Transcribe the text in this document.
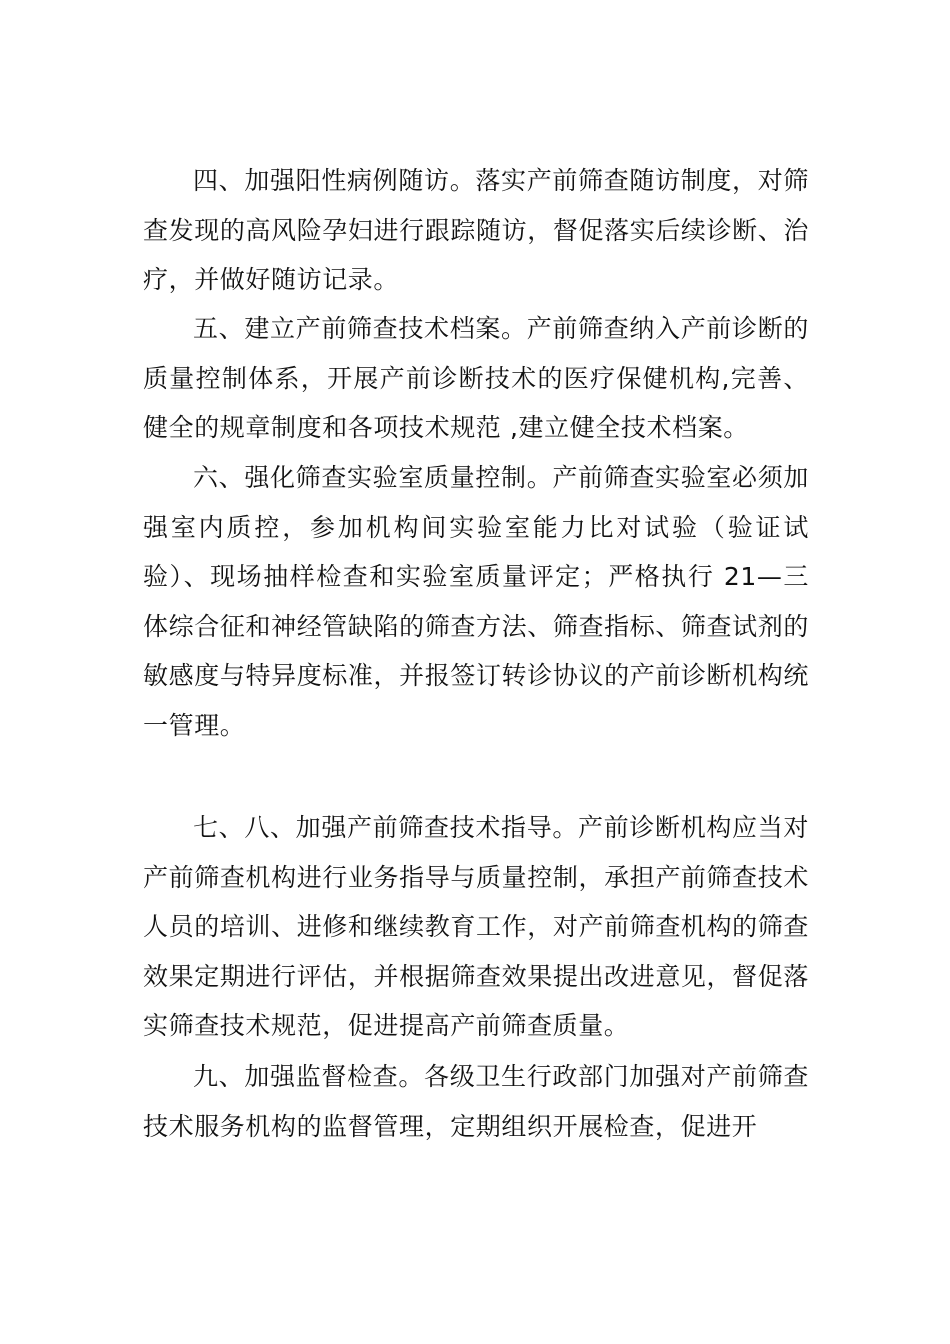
四、加强阳性病例随访。落实产前筛查随访制度，对筛查发现的高风险孕妇进行跟踪随访，督促落实后续诊断、治疗，并做好随访记录。

五、建立产前筛查技术档案。产前筛查纳入产前诊断的质量控制体系，开展产前诊断技术的医疗保健机构,完善、健全的规章制度和各项技术规范 ,建立健全技术档案。

六、强化筛查实验室质量控制。产前筛查实验室必须加强室内质控，参加机构间实验室能力比对试验（验证试验）、现场抽样检查和实验室质量评定；严格执行 21—三体综合征和神经管缺陷的筛查方法、筛查指标、筛查试剂的敏感度与特异度标准，并报签订转诊协议的产前诊断机构统一管理。

七、八、加强产前筛查技术指导。产前诊断机构应当对产前筛查机构进行业务指导与质量控制，承担产前筛查技术人员的培训、进修和继续教育工作，对产前筛查机构的筛查效果定期进行评估，并根据筛查效果提出改进意见，督促落实筛查技术规范，促进提高产前筛查质量。

九、加强监督检查。各级卫生行政部门加强对产前筛查技术服务机构的监督管理，定期组织开展检查，促进开
